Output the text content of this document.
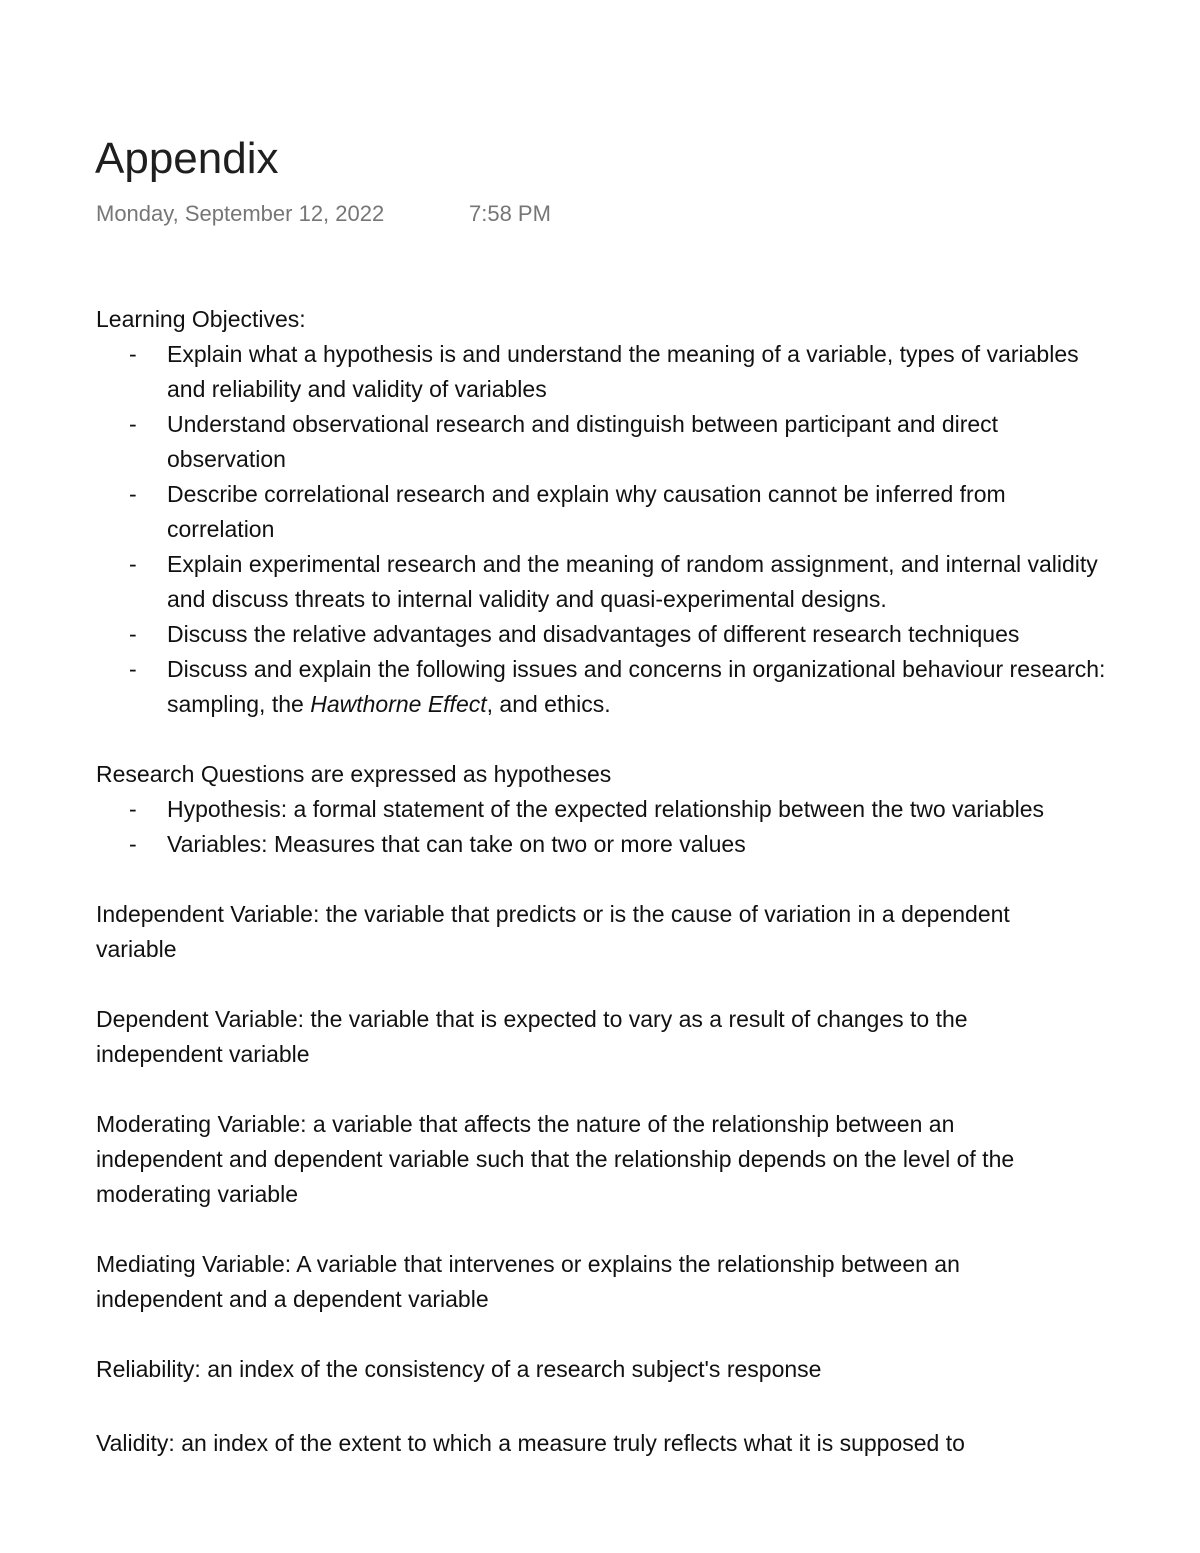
Appendix
Monday, September 12, 2022	7:58 PM
Learning Objectives:
- Explain what a hypothesis is and understand the meaning of a variable, types of variables
and reliability and validity of variables
- Understand observational research and distinguish between participant and direct
observation
- Describe correlational research and explain why causation cannot be inferred from
correlation
- Explain experimental research and the meaning of random assignment, and internal validity
and discuss threats to internal validity and quasi-experimental designs.
- Discuss the relative advantages and disadvantages of different research techniques
- Discuss and explain the following issues and concerns in organizational behaviour research:
sampling, the Hawthorne Effect, and ethics.
Research Questions are expressed as hypotheses
- Hypothesis: a formal statement of the expected relationship between the two variables
- Variables: Measures that can take on two or more values
Independent Variable: the variable that predicts or is the cause of variation in a dependent
variable
Dependent Variable: the variable that is expected to vary as a result of changes to the
independent variable
Moderating Variable: a variable that affects the nature of the relationship between an
independent and dependent variable such that the relationship depends on the level of the
moderating variable
Mediating Variable: A variable that intervenes or explains the relationship between an
independent and a dependent variable
Reliability: an index of the consistency of a research subject's response
Validity: an index of the extent to which a measure truly reflects what it is supposed to
